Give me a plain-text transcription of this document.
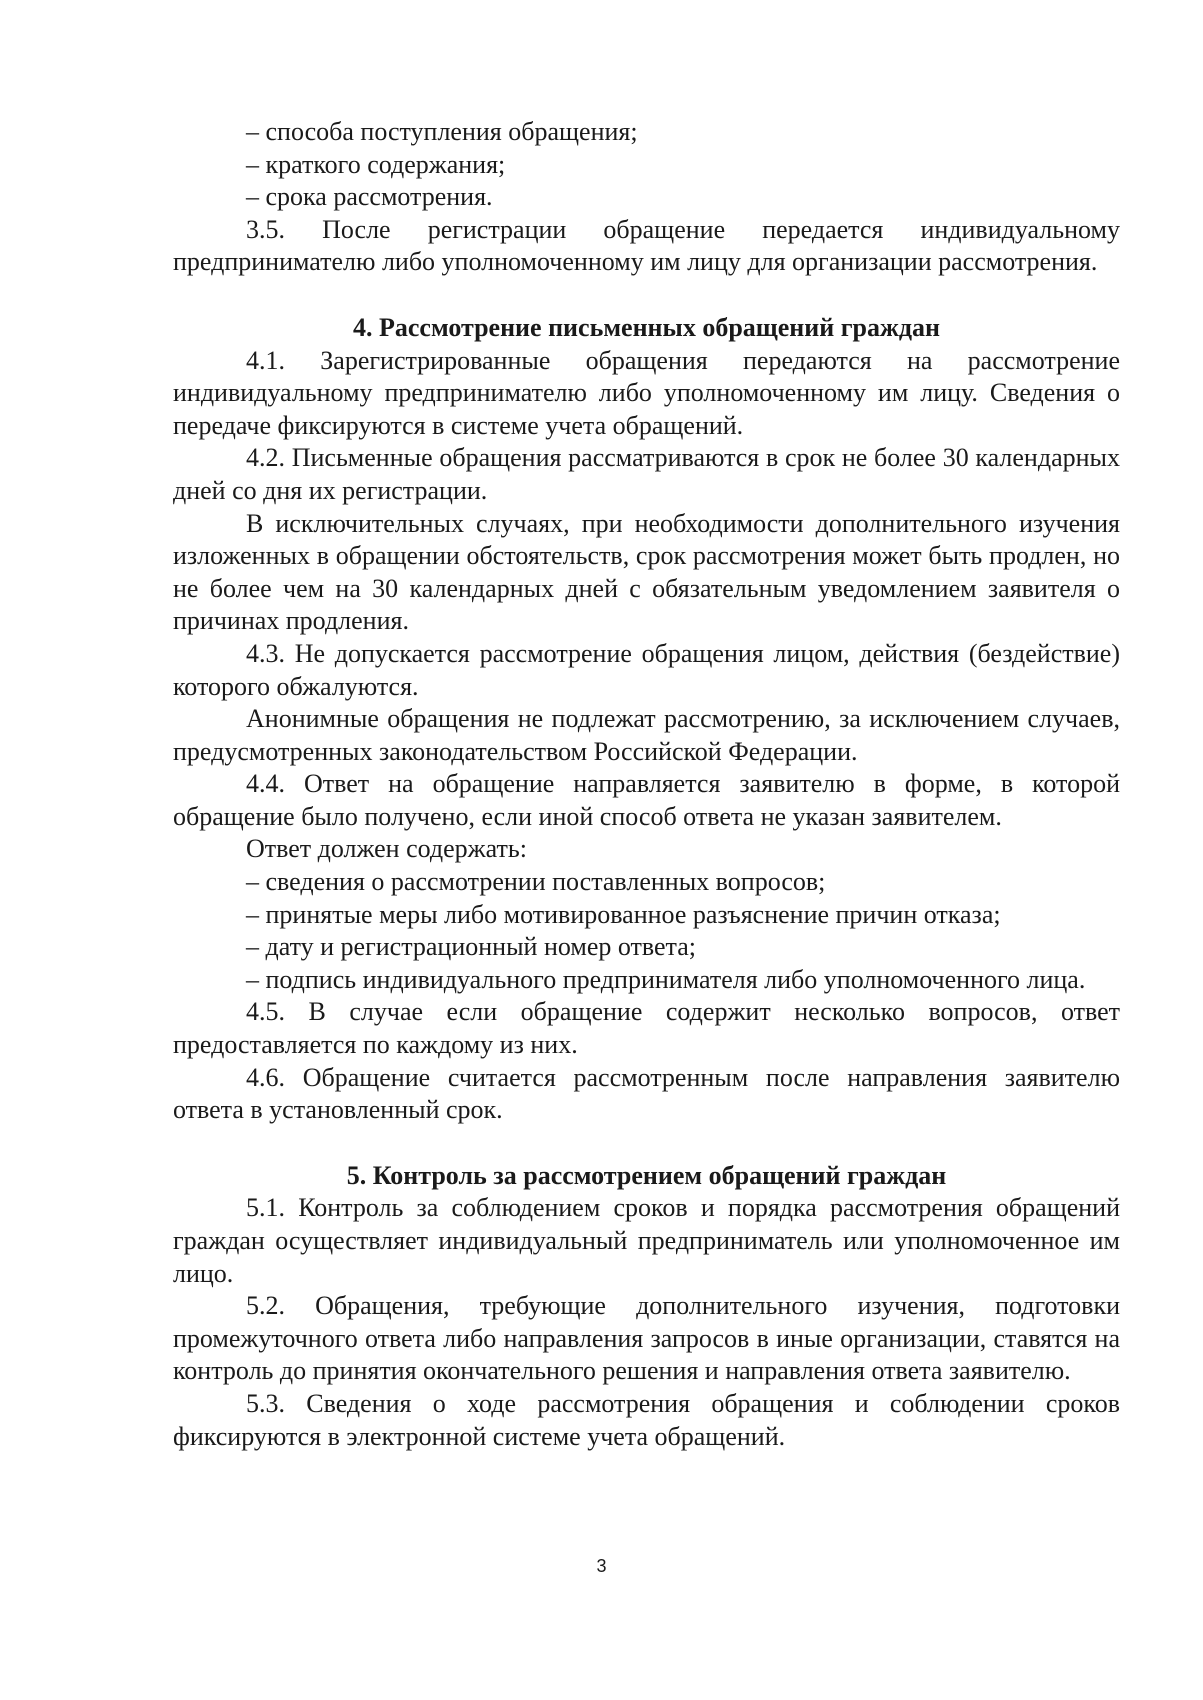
– способа поступления обращения;

– краткого содержания;

– срока рассмотрения.

3.5. После регистрации обращение передается индивидуальному предпринимателю либо уполномоченному им лицу для организации рассмотрения.

4. Рассмотрение письменных обращений граждан

4.1. Зарегистрированные обращения передаются на рассмотрение индивидуальному предпринимателю либо уполномоченному им лицу. Сведения о передаче фиксируются в системе учета обращений.

4.2. Письменные обращения рассматриваются в срок не более 30 календарных дней со дня их регистрации.

В исключительных случаях, при необходимости дополнительного изучения изложенных в обращении обстоятельств, срок рассмотрения может быть продлен, но не более чем на 30 календарных дней с обязательным уведомлением заявителя о причинах продления.

4.3. Не допускается рассмотрение обращения лицом, действия (бездействие) которого обжалуются.

Анонимные обращения не подлежат рассмотрению, за исключением случаев, предусмотренных законодательством Российской Федерации.

4.4. Ответ на обращение направляется заявителю в форме, в которой обращение было получено, если иной способ ответа не указан заявителем.

Ответ должен содержать:

– сведения о рассмотрении поставленных вопросов;

– принятые меры либо мотивированное разъяснение причин отказа;

– дату и регистрационный номер ответа;

– подпись индивидуального предпринимателя либо уполномоченного лица.

4.5. В случае если обращение содержит несколько вопросов, ответ предоставляется по каждому из них.

4.6. Обращение считается рассмотренным после направления заявителю ответа в установленный срок.

5. Контроль за рассмотрением обращений граждан

5.1. Контроль за соблюдением сроков и порядка рассмотрения обращений граждан осуществляет индивидуальный предприниматель или уполномоченное им лицо.

5.2. Обращения, требующие дополнительного изучения, подготовки промежуточного ответа либо направления запросов в иные организации, ставятся на контроль до принятия окончательного решения и направления ответа заявителю.

5.3. Сведения о ходе рассмотрения обращения и соблюдении сроков фиксируются в электронной системе учета обращений.

3
